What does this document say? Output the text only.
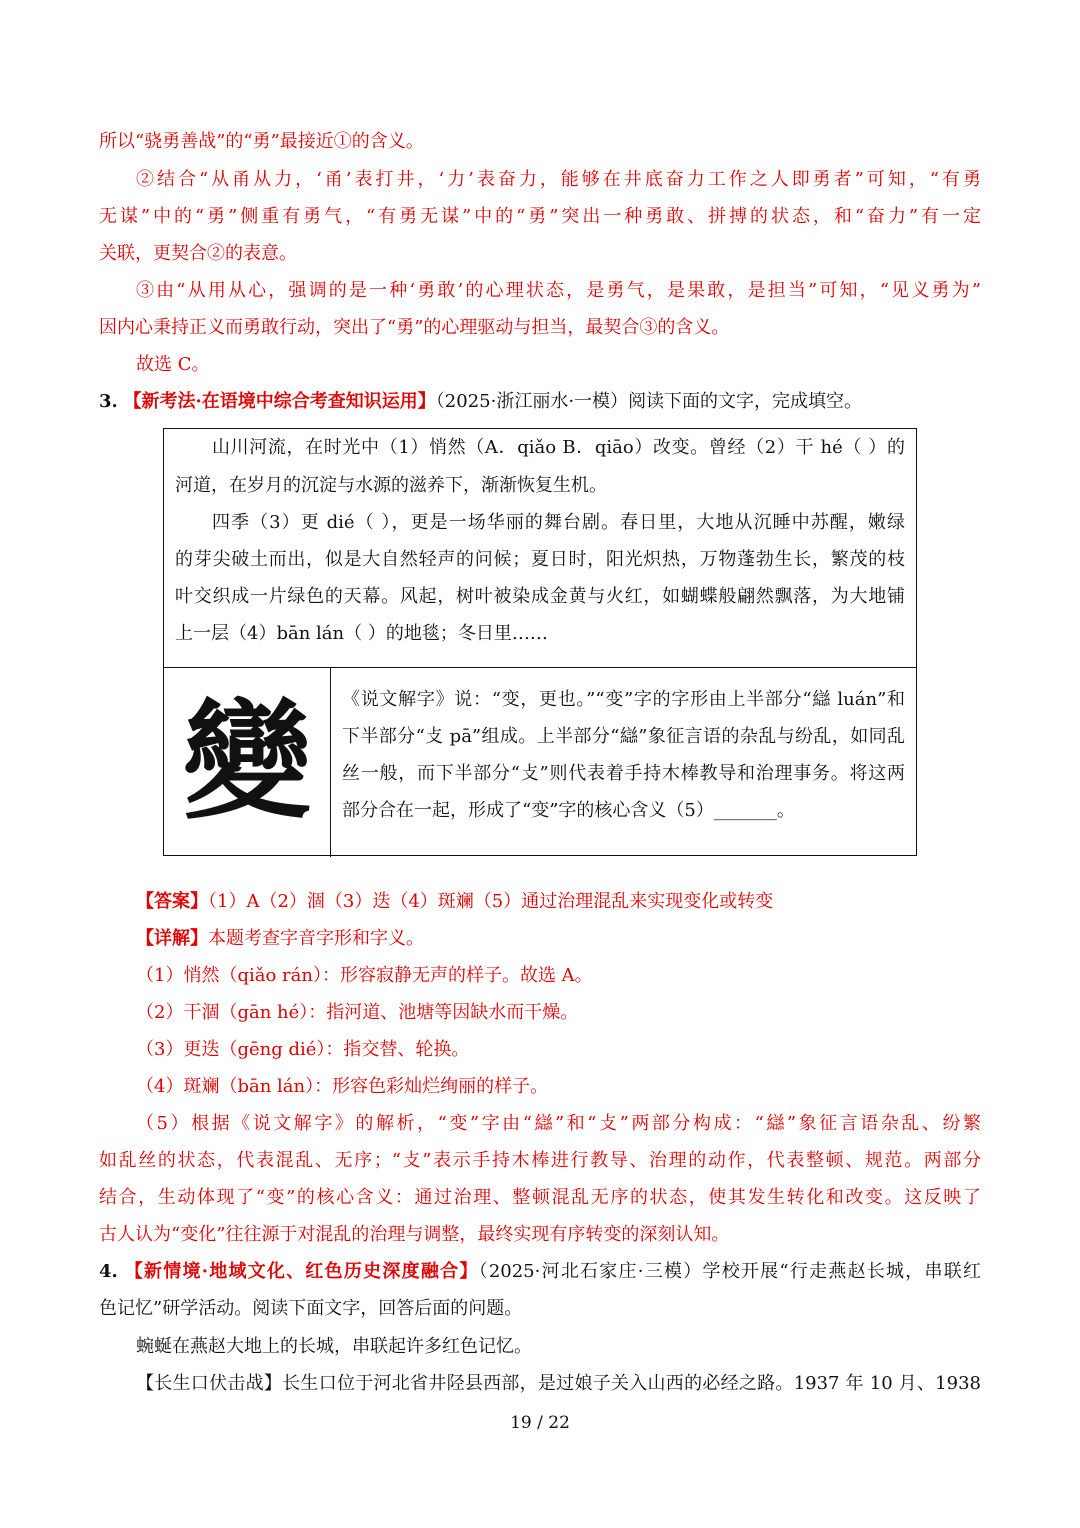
所以“骁勇善战”的“勇”最接近①的含义。
②结合“从甬从力，‘甬’表打井，‘力’表奋力，能够在井底奋力工作之人即勇者”可知，“有勇
无谋”中的“勇”侧重有勇气，“有勇无谋”中的“勇”突出一种勇敢、拼搏的状态，和“奋力”有一定
关联，更契合②的表意。
③由“从用从心，强调的是一种‘勇敢’的心理状态，是勇气，是果敢，是担当”可知，“见义勇为”
因内心秉持正义而勇敢行动，突出了“勇”的心理驱动与担当，最契合③的含义。
故选 C。
3. 【新考法·在语境中综合考查知识运用】（2025·浙江丽水·一模）阅读下面的文字，完成填空。
變
山川河流，在时光中（1）悄然（A．qiǎo B．qiāo）改变。曾经（2）干 hé（ ）的
河道，在岁月的沉淀与水源的滋养下，渐渐恢复生机。
四季（3）更 dié（ ），更是一场华丽的舞台剧。春日里，大地从沉睡中苏醒，嫩绿
的芽尖破土而出，似是大自然轻声的问候；夏日时，阳光炽热，万物蓬勃生长，繁茂的枝
叶交织成一片绿色的天幕。风起，树叶被染成金黄与火红，如蝴蝶般翩然飘落，为大地铺
上一层（4）bān lán（ ）的地毯；冬日里……
《说文解字》说：“变，更也。”“变”字的字形由上半部分“䜌 luán”和
下半部分“攴 pā”组成。上半部分“䜌”象征言语的杂乱与纷乱，如同乱
丝一般，而下半部分“攴”则代表着手持木棒教导和治理事务。将这两
部分合在一起，形成了“变”字的核心含义（5）_______。
【答案】（1）A（2）涸（3）迭（4）斑斓（5）通过治理混乱来实现变化或转变
【详解】本题考查字音字形和字义。
（1）悄然（qiǎo rán）：形容寂静无声的样子。故选 A。
（2）干涸（gān hé）：指河道、池塘等因缺水而干燥。
（3）更迭（gēng dié）：指交替、轮换。
（4）斑斓（bān lán）：形容色彩灿烂绚丽的样子。
（5）根据《说文解字》的解析，“变”字由“䜌”和“攴”两部分构成：“䜌”象征言语杂乱、纷繁
如乱丝的状态，代表混乱、无序；“攴”表示手持木棒进行教导、治理的动作，代表整顿、规范。两部分
结合，生动体现了“变”的核心含义：通过治理、整顿混乱无序的状态，使其发生转化和改变。这反映了
古人认为“变化”往往源于对混乱的治理与调整，最终实现有序转变的深刻认知。
4. 【新情境·地域文化、红色历史深度融合】（2025·河北石家庄·三模）学校开展“行走燕赵长城，串联红
色记忆”研学活动。阅读下面文字，回答后面的问题。
蜿蜒在燕赵大地上的长城，串联起许多红色记忆。
【长生口伏击战】长生口位于河北省井陉县西部，是过娘子关入山西的必经之路。1937 年 10 月、1938
19 / 22
